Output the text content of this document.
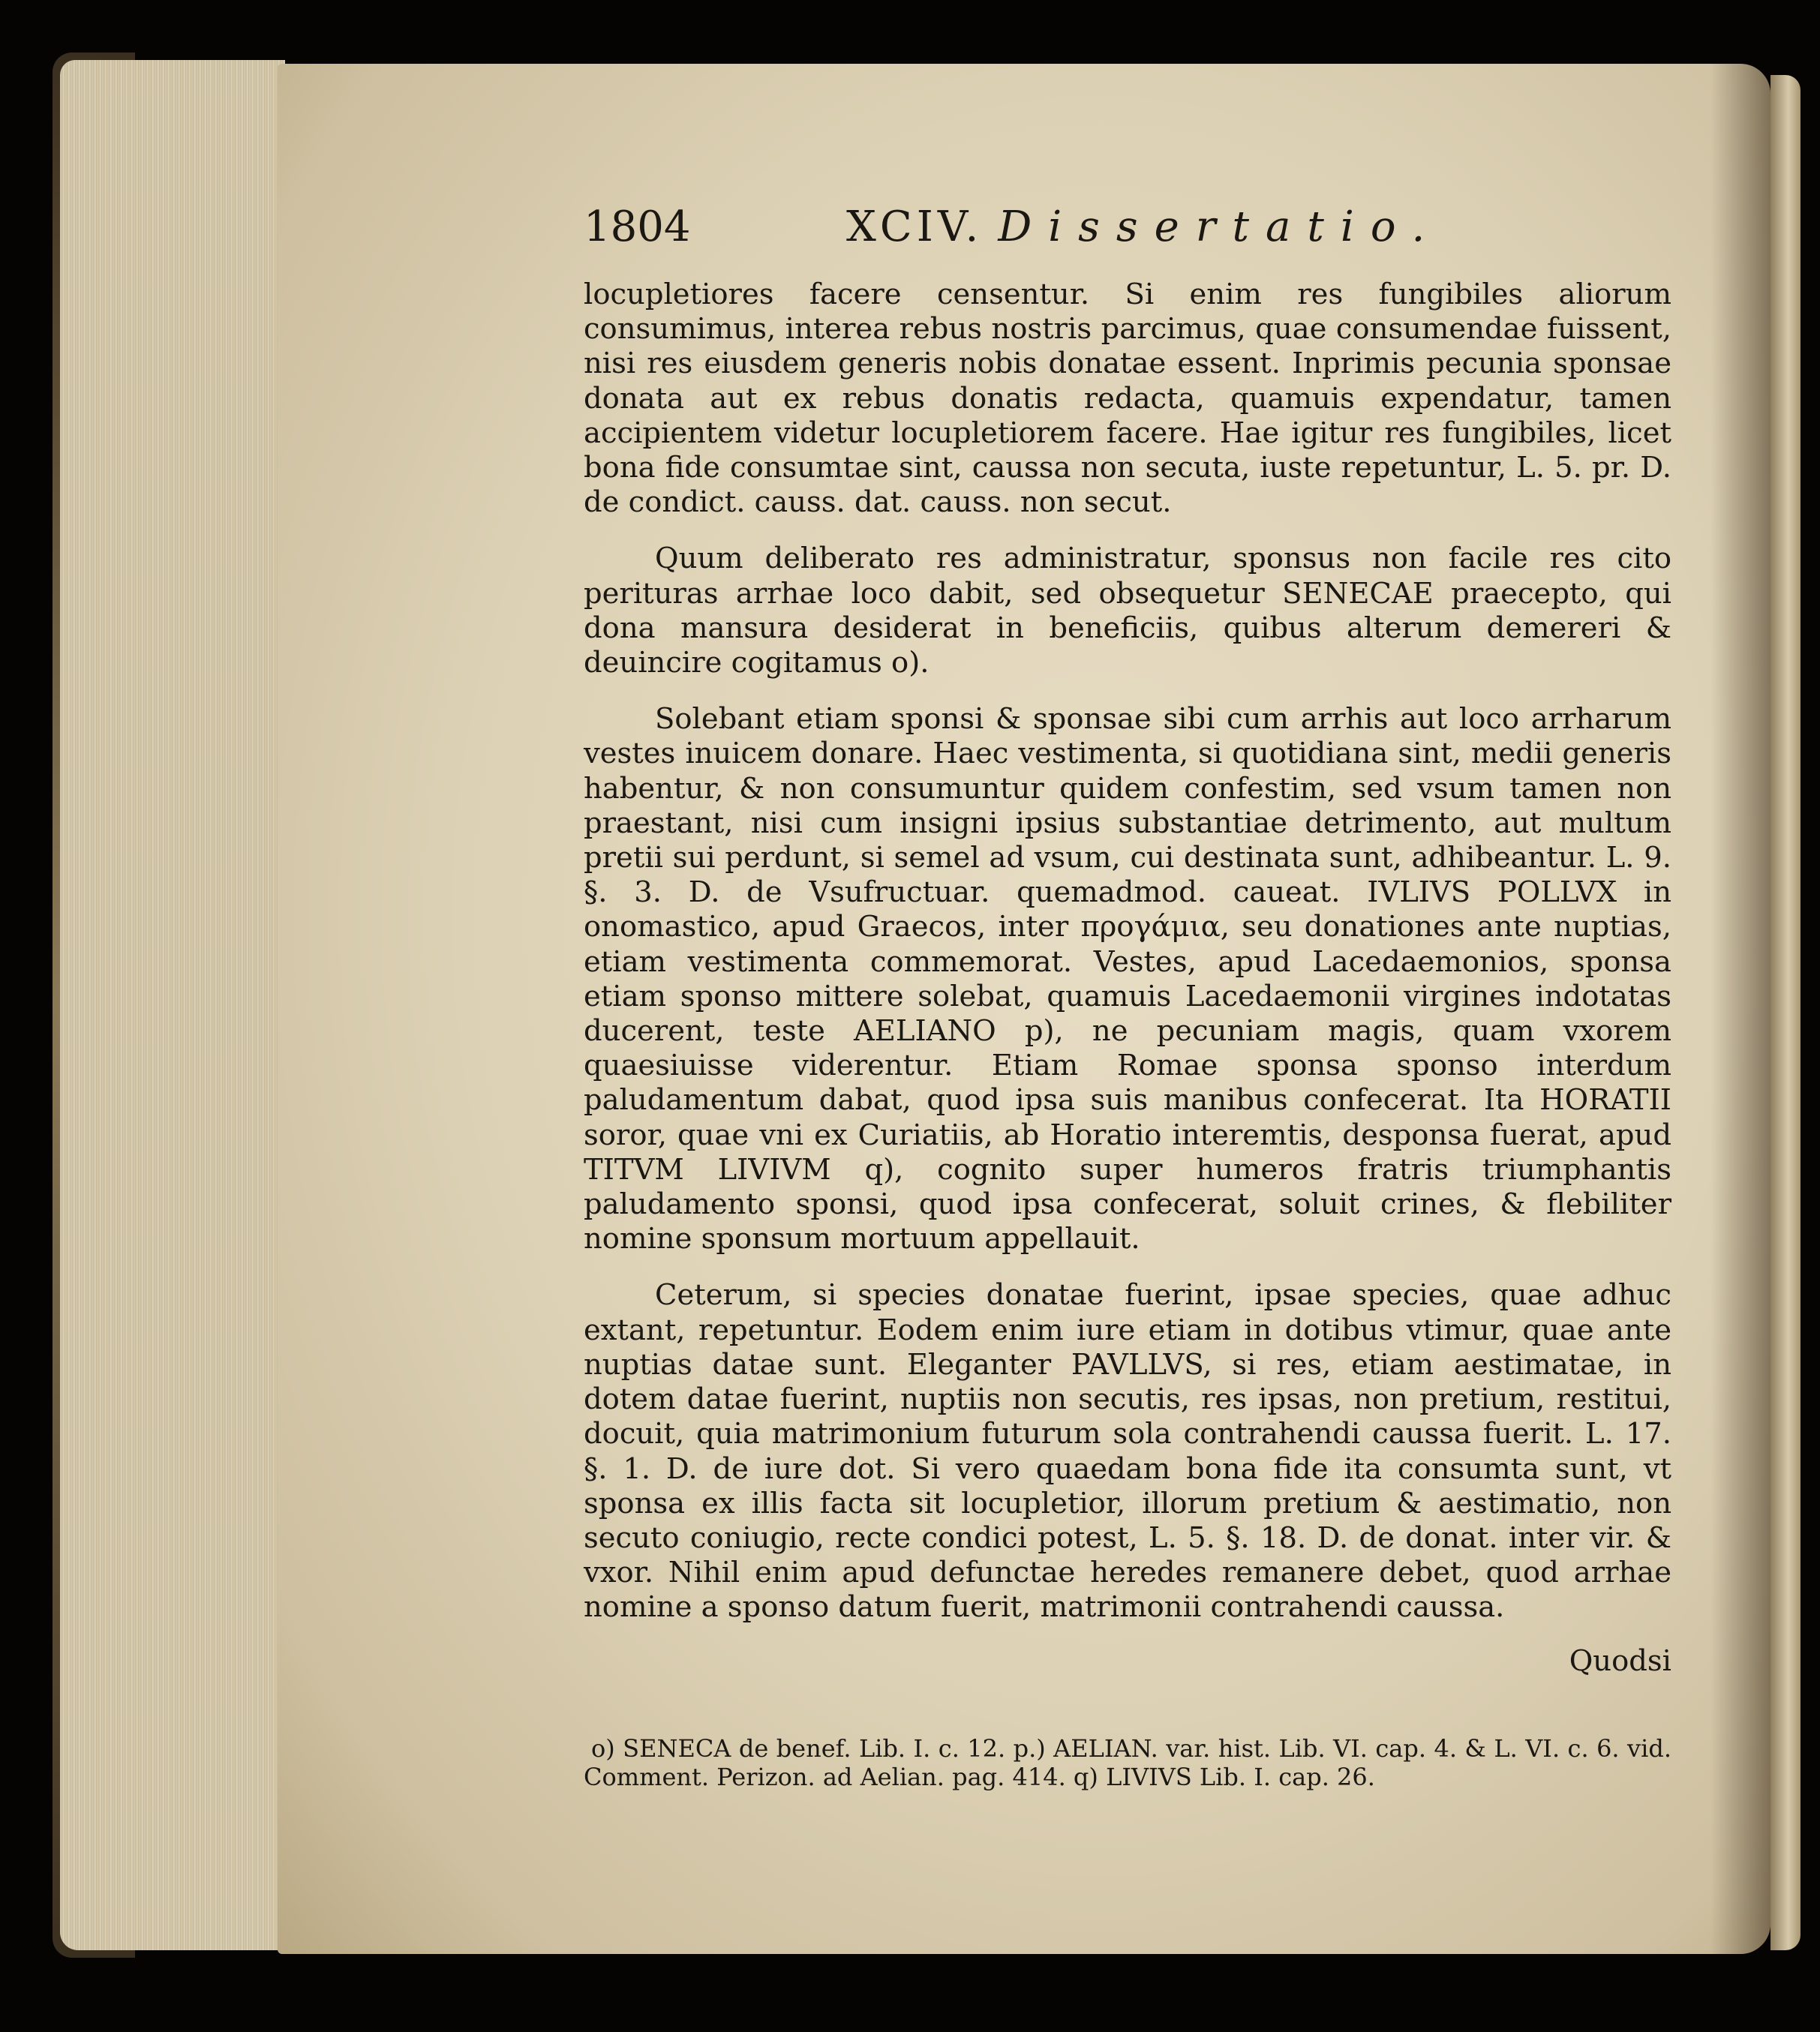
1804	XCIV. Dissertatio.

locupletiores facere censentur. Si enim res fungibiles aliorum consumimus, interea rebus nostris parcimus, quae consumendae fuissent, nisi res eiusdem generis nobis donatae essent. Inprimis pecunia sponsae donata aut ex rebus donatis redacta, quamuis expendatur, tamen accipientem videtur locupletiorem facere. Hae igitur res fungibiles, licet bona fide consumtae sint, caussa non secuta, iuste repetuntur, L. 5. pr. D. de condict. causs. dat. causs. non secut.

Quum deliberato res administratur, sponsus non facile res cito perituras arrhae loco dabit, sed obsequetur SENECAE praecepto, qui dona mansura desiderat in beneficiis, quibus alterum demereri & deuincire cogitamus o).

Solebant etiam sponsi & sponsae sibi cum arrhis aut loco arrharum vestes inuicem donare. Haec vestimenta, si quotidiana sint, medii generis habentur, & non consumuntur quidem confestim, sed vsum tamen non praestant, nisi cum insigni ipsius substantiae detrimento, aut multum pretii sui perdunt, si semel ad vsum, cui destinata sunt, adhibeantur. L. 9. §. 3. D. de Vsufructuar. quemadmod. caueat. IVLIVS POLLVX in onomastico, apud Graecos, inter προγάμια, seu donationes ante nuptias, etiam vestimenta commemorat. Vestes, apud Lacedaemonios, sponsa etiam sponso mittere solebat, quamuis Lacedaemonii virgines indotatas ducerent, teste AELIANO p), ne pecuniam magis, quam vxorem quaesiuisse viderentur. Etiam Romae sponsa sponso interdum paludamentum dabat, quod ipsa suis manibus confecerat. Ita HORATII soror, quae vni ex Curiatiis, ab Horatio interemtis, desponsa fuerat, apud TITVM LIVIVM q), cognito super humeros fratris triumphantis paludamento sponsi, quod ipsa confecerat, soluit crines, & flebiliter nomine sponsum mortuum appellauit.

Ceterum, si species donatae fuerint, ipsae species, quae adhuc extant, repetuntur. Eodem enim iure etiam in dotibus vtimur, quae ante nuptias datae sunt. Eleganter PAVLLVS, si res, etiam aestimatae, in dotem datae fuerint, nuptiis non secutis, res ipsas, non pretium, restitui, docuit, quia matrimonium futurum sola contrahendi caussa fuerit. L. 17. §. 1. D. de iure dot. Si vero quaedam bona fide ita consumta sunt, vt sponsa ex illis facta sit locupletior, illorum pretium & aestimatio, non secuto coniugio, recte condici potest, L. 5. §. 18. D. de donat. inter vir. & vxor. Nihil enim apud defunctae heredes remanere debet, quod arrhae nomine a sponso datum fuerit, matrimonii contrahendi caussa.

Quodsi

o) SENECA de benef. Lib. I. c. 12. p.) AELIAN. var. hist. Lib. VI. cap. 4. & L. VI. c. 6. vid. Comment. Perizon. ad Aelian. pag. 414. q) LIVIVS Lib. I. cap. 26.
